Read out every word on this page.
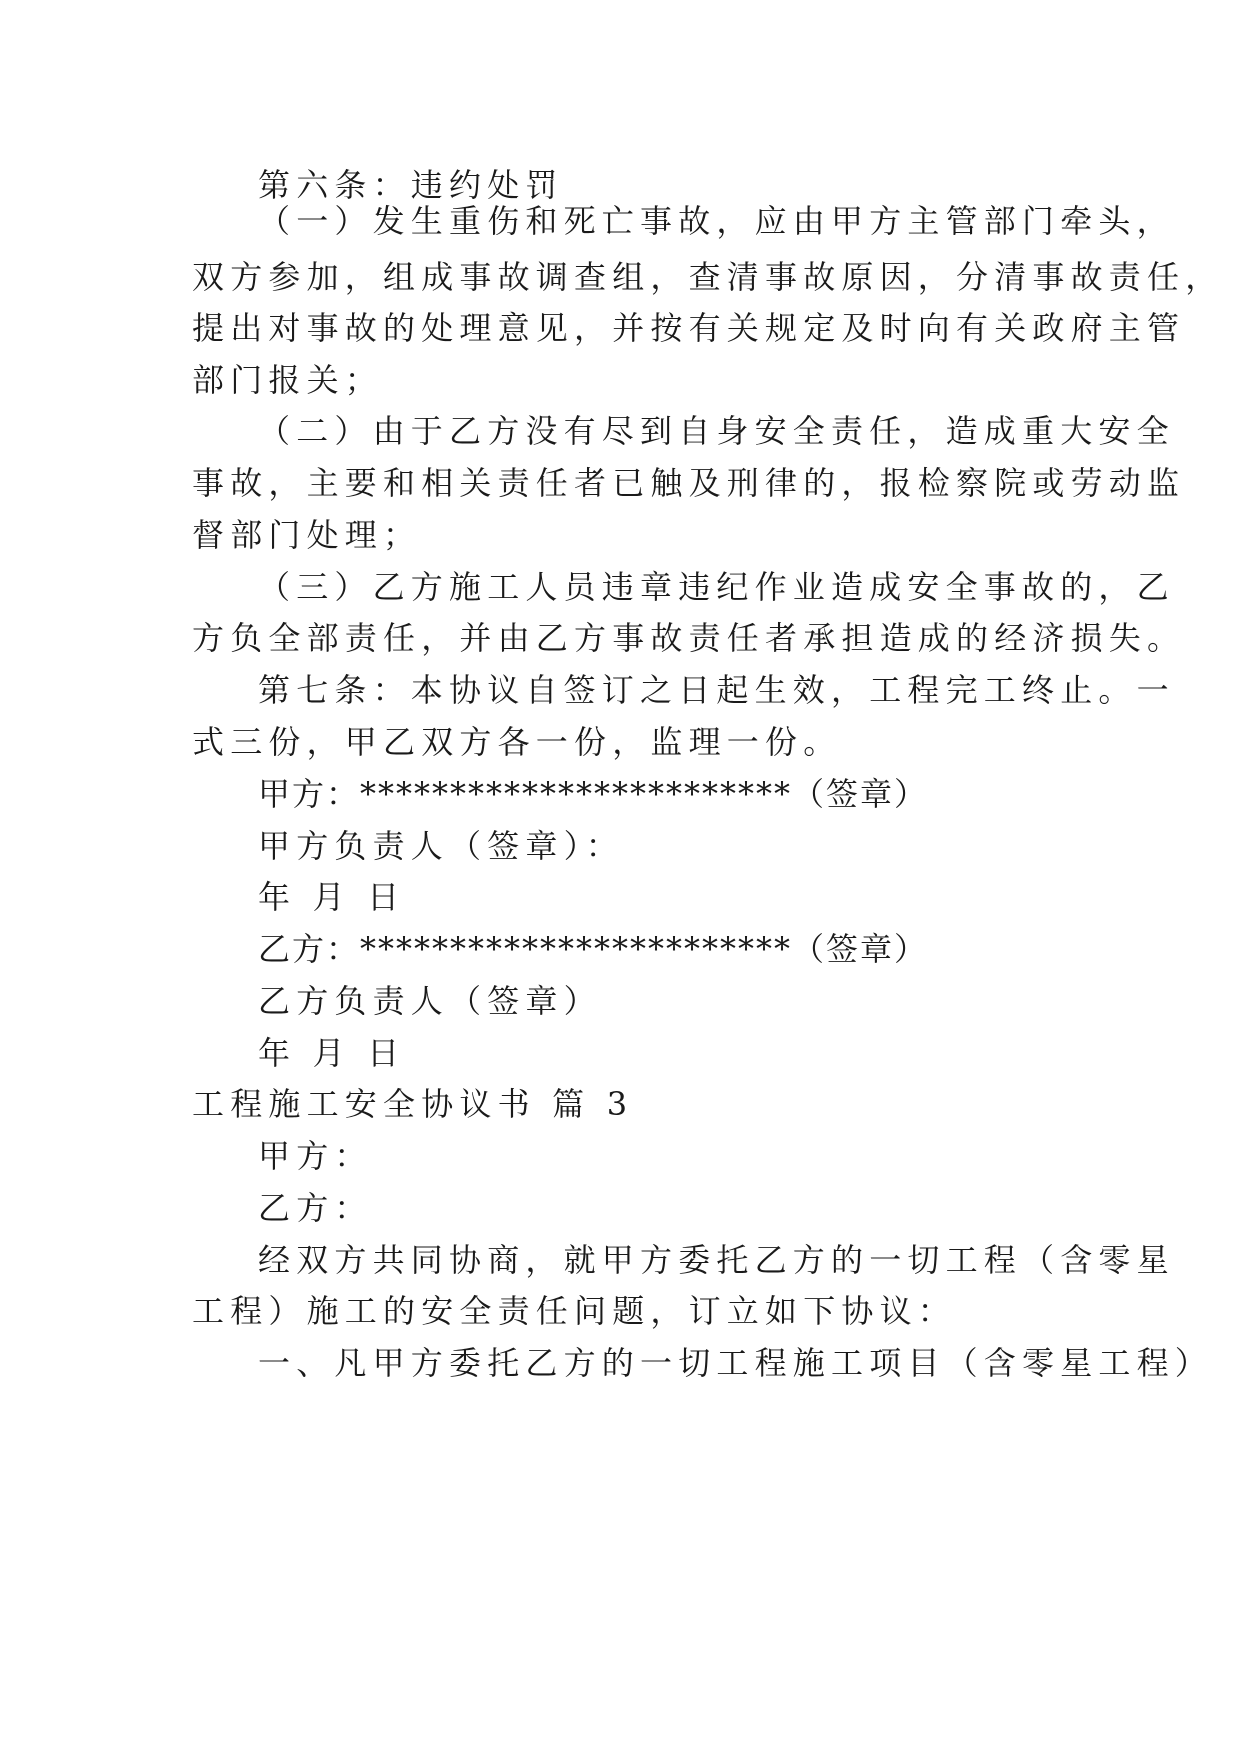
第六条：违约处罚
（一）发生重伤和死亡事故，应由甲方主管部门牵头，
双方参加，组成事故调查组，查清事故原因，分清事故责任，
提出对事故的处理意见，并按有关规定及时向有关政府主管
部门报关；
（二）由于乙方没有尽到自身安全责任，造成重大安全
事故，主要和相关责任者已触及刑律的，报检察院或劳动监
督部门处理；
（三）乙方施工人员违章违纪作业造成安全事故的，乙
方负全部责任，并由乙方事故责任者承担造成的经济损失。
第七条：本协议自签订之日起生效，工程完工终止。一
式三份，甲乙双方各一份，监理一份。
甲方：************************（签章）
甲方负责人（签章）：
年 月 日
乙方：************************（签章）
乙方负责人（签章）
年 月 日
工程施工安全协议书 篇 3
甲方：
乙方：
经双方共同协商，就甲方委托乙方的一切工程（含零星
工程）施工的安全责任问题，订立如下协议：
一、凡甲方委托乙方的一切工程施工项目（含零星工程）
